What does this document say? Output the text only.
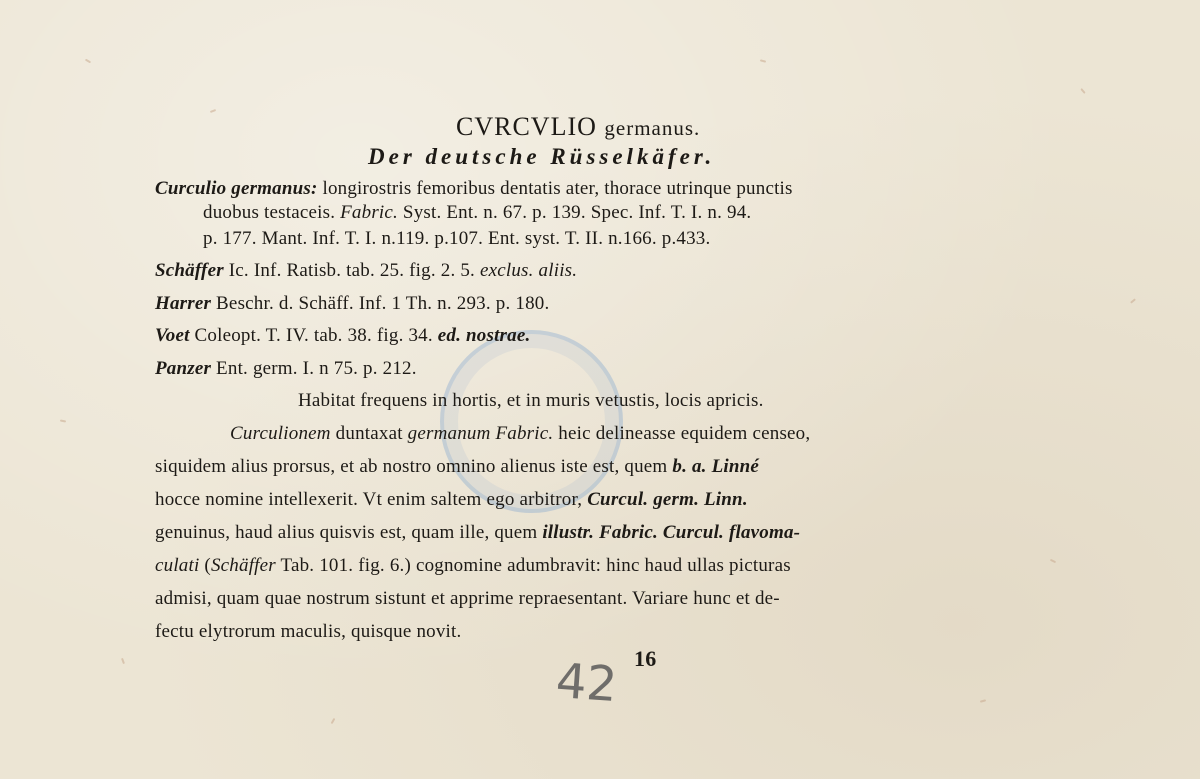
CVRCVLIO germanus.
Der deutsche Rüsselkäfer.
Curculio germanus: longirostris femoribus dentatis ater, thorace utrinque punctis
duobus testaceis. Fabric. Syst. Ent. n. 67. p. 139. Spec. Inf. T. I. n. 94.
p. 177. Mant. Inf. T. I. n.119. p.107. Ent. syst. T. II. n.166. p.433.
Schäffer Ic. Inf. Ratisb. tab. 25. fig. 2. 5. exclus. aliis.
Harrer Beschr. d. Schäff. Inf. 1 Th. n. 293. p. 180.
Voet Coleopt. T. IV. tab. 38. fig. 34. ed. nostrae.
Panzer Ent. germ. I. n 75. p. 212.
Habitat frequens in hortis, et in muris vetustis, locis apricis.
Curculionem duntaxat germanum Fabric. heic delineasse equidem censeo,
siquidem alius prorsus, et ab nostro omnino alienus iste est, quem b. a. Linné
hocce nomine intellexerit. Vt enim saltem ego arbitror, Curcul. germ. Linn.
genuinus, haud alius quisvis est, quam ille, quem illustr. Fabric. Curcul. flavoma-
culati (Schäffer Tab. 101. fig. 6.) cognomine adumbravit: hinc haud ullas picturas
admisi, quam quae nostrum sistunt et apprime repraesentant. Variare hunc et de-
fectu elytrorum maculis, quisque novit.
16
42
